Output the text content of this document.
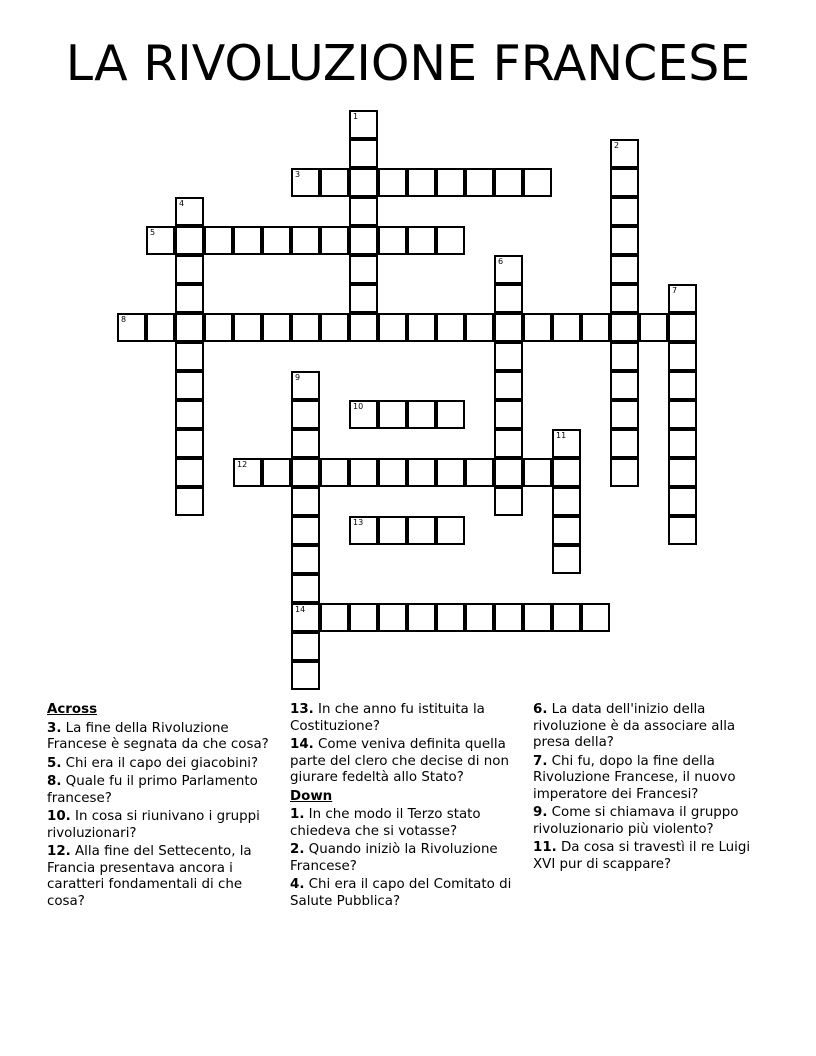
LA RIVOLUZIONE FRANCESE
1
2
3
4
5
6
7
8
9
14
10
11
12
13
Across
3. La fine della Rivoluzione Francese è segnata da che cosa?
5. Chi era il capo dei giacobini?
8. Quale fu il primo Parlamento francese?
10. In cosa si riunivano i gruppi rivoluzionari?
12. Alla fine del Settecento, la Francia presentava ancora i caratteri fondamentali di che cosa?
13. In che anno fu istituita la Costituzione?
14. Come veniva definita quella parte del clero che decise di non giurare fedeltà allo Stato?
Down
1. In che modo il Terzo stato chiedeva che si votasse?
2. Quando iniziò la Rivoluzione Francese?
4. Chi era il capo del Comitato di Salute Pubblica?
6. La data dell'inizio della rivoluzione è da associare alla presa della?
7. Chi fu, dopo la fine della Rivoluzione Francese, il nuovo imperatore dei Francesi?
9. Come si chiamava il gruppo rivoluzionario più violento?
11. Da cosa si travestì il re Luigi XVI pur di scappare?
